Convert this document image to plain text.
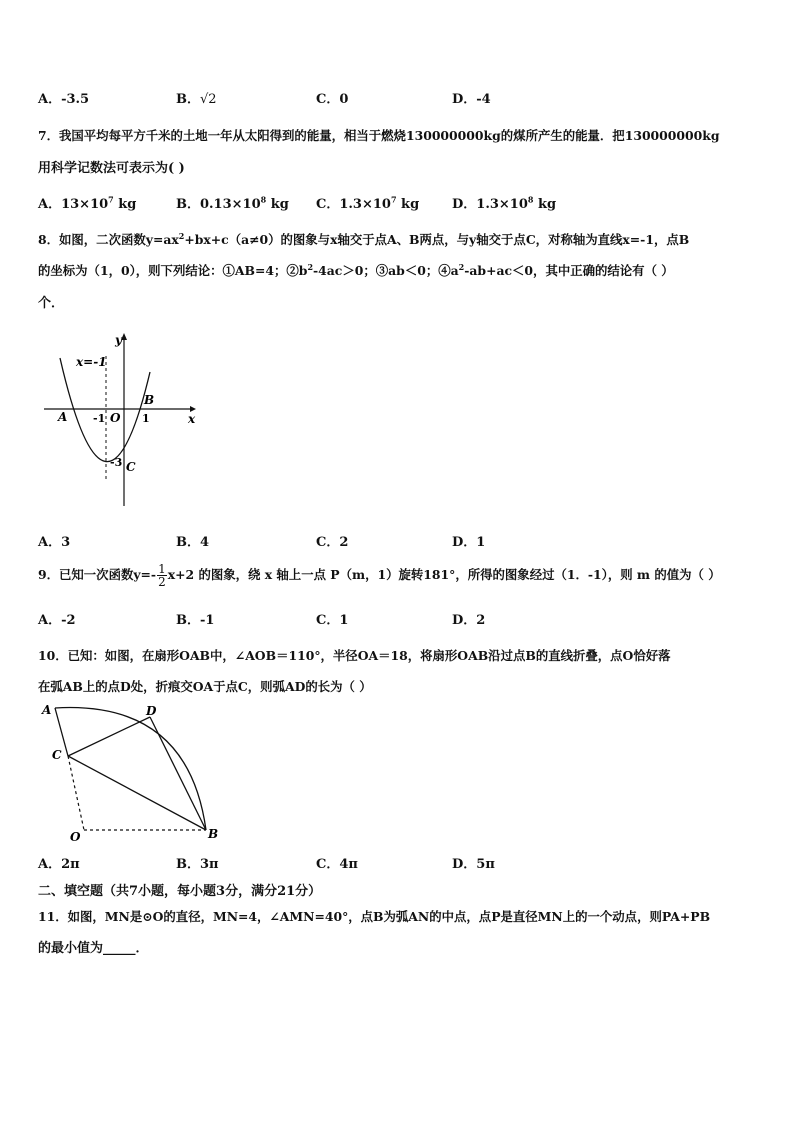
A．-3.5	B．√2	C．0	D．-4
7．我国平均每平方千米的土地一年从太阳得到的能量，相当于燃烧130000000kg的煤所产生的能量．把130000000kg
用科学记数法可表示为( )
A．$13\times 10^7$ kg	B．$0.13\times 10^8$ kg C．$1.3\times 10^7$ kg	D．$1.3\times 10^8$ kg
8．如图，二次函数$y=ax^2+bx+c(a\ne 0)$的图象与x轴交于点A、B两点，与y轴交于点C，对称轴为直线x=-1，点B
的坐标为（1，0），则下列结论：①AB=4；$②b^2-4ac>0$；③ab＜0；$④a^2-ab+ac<0$，其中正确的结论有（ ）
个．
y
x
x=-1
A
B
O
-1	1
-3 C
A．3	B．4	C．2	D．1
9．已知一次函数$y=- \frac{1}{2} x+2$ 的图象，绕 x 轴上一点 P（m，1）旋转181°，所得的图象经过（1．-1），则 m 的值为（ ）
A．-2	B．-1	C．1	D．2
10．已知：如图，在扇形OAB中，∠AOB＝110°，半径OA＝18，将扇形OAB沿过点B的直线折叠，点O恰好落
在弧AB上的点D处，折痕交OA于点C，则弧AD的长为（ ）
A	D
C
O	B
A．2π	B．3π	C．4π	D．5π
二、填空题（共7小题，每小题3分，满分21分）
11．如图，MN是⊙O的直径，MN=4，∠AMN=40°，点B为弧AN的中点，点P是直径MN上的一个动点，则PA+PB
的最小值为_____．
